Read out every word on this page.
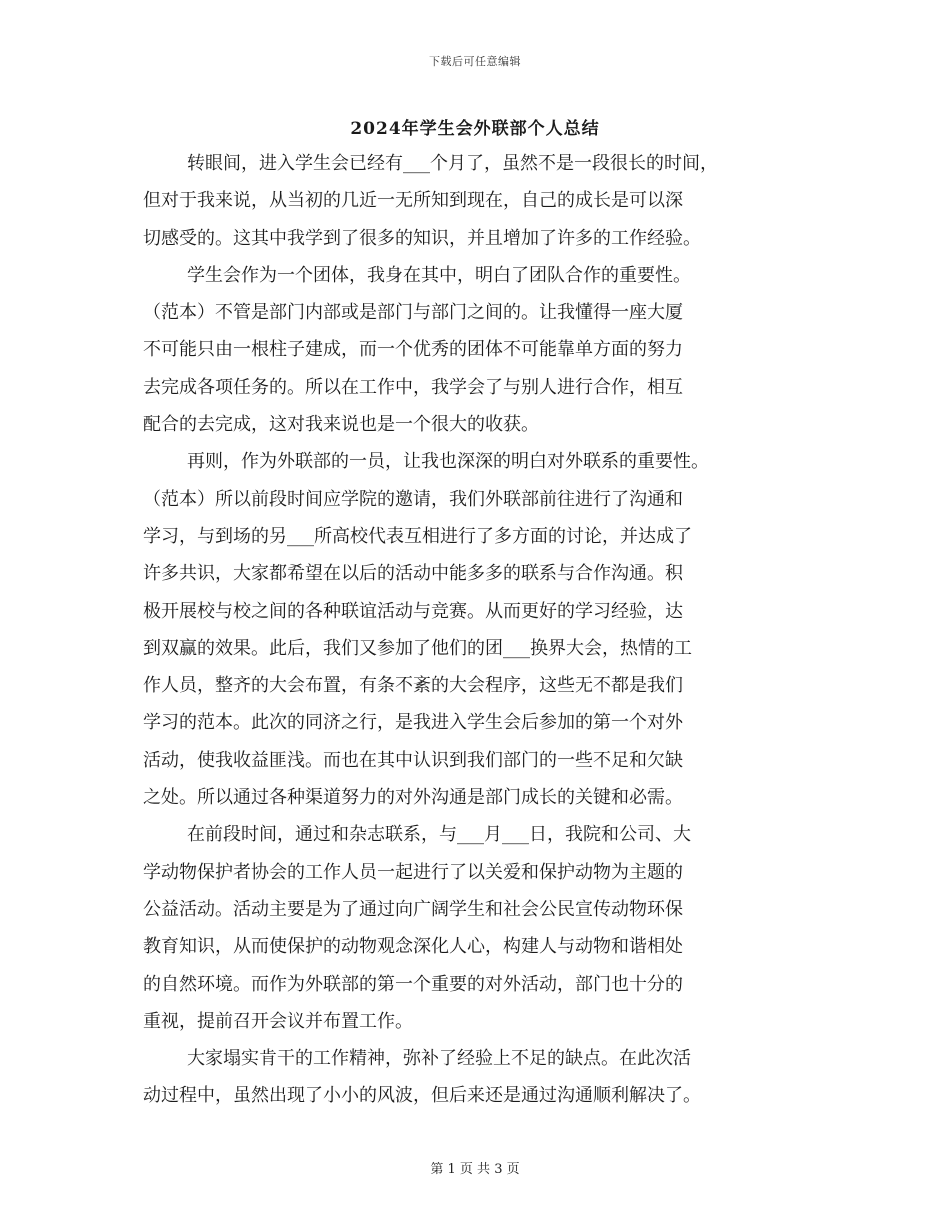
下载后可任意编辑
2024年学生会外联部个人总结
转眼间，进入学生会已经有___个月了，虽然不是一段很长的时间，
但对于我来说，从当初的几近一无所知到现在，自己的成长是可以深
切感受的。这其中我学到了很多的知识，并且增加了许多的工作经验。
学生会作为一个团体，我身在其中，明白了团队合作的重要性。
（范本）不管是部门内部或是部门与部门之间的。让我懂得一座大厦
不可能只由一根柱子建成，而一个优秀的团体不可能靠单方面的努力
去完成各项任务的。所以在工作中，我学会了与别人进行合作，相互
配合的去完成，这对我来说也是一个很大的收获。
再则，作为外联部的一员，让我也深深的明白对外联系的重要性。
（范本）所以前段时间应学院的邀请，我们外联部前往进行了沟通和
学习，与到场的另___所高校代表互相进行了多方面的讨论，并达成了
许多共识，大家都希望在以后的活动中能多多的联系与合作沟通。积
极开展校与校之间的各种联谊活动与竞赛。从而更好的学习经验，达
到双赢的效果。此后，我们又参加了他们的团___换界大会，热情的工
作人员，整齐的大会布置，有条不紊的大会程序，这些无不都是我们
学习的范本。此次的同济之行，是我进入学生会后参加的第一个对外
活动，使我收益匪浅。而也在其中认识到我们部门的一些不足和欠缺
之处。所以通过各种渠道努力的对外沟通是部门成长的关键和必需。
在前段时间，通过和杂志联系，与___月___日，我院和公司、大
学动物保护者协会的工作人员一起进行了以关爱和保护动物为主题的
公益活动。活动主要是为了通过向广阔学生和社会公民宣传动物环保
教育知识，从而使保护的动物观念深化人心，构建人与动物和谐相处
的自然环境。而作为外联部的第一个重要的对外活动，部门也十分的
重视，提前召开会议并布置工作。
大家塌实肯干的工作精神，弥补了经验上不足的缺点。在此次活
动过程中，虽然出现了小小的风波，但后来还是通过沟通顺利解决了。
第 1 页 共 3 页
